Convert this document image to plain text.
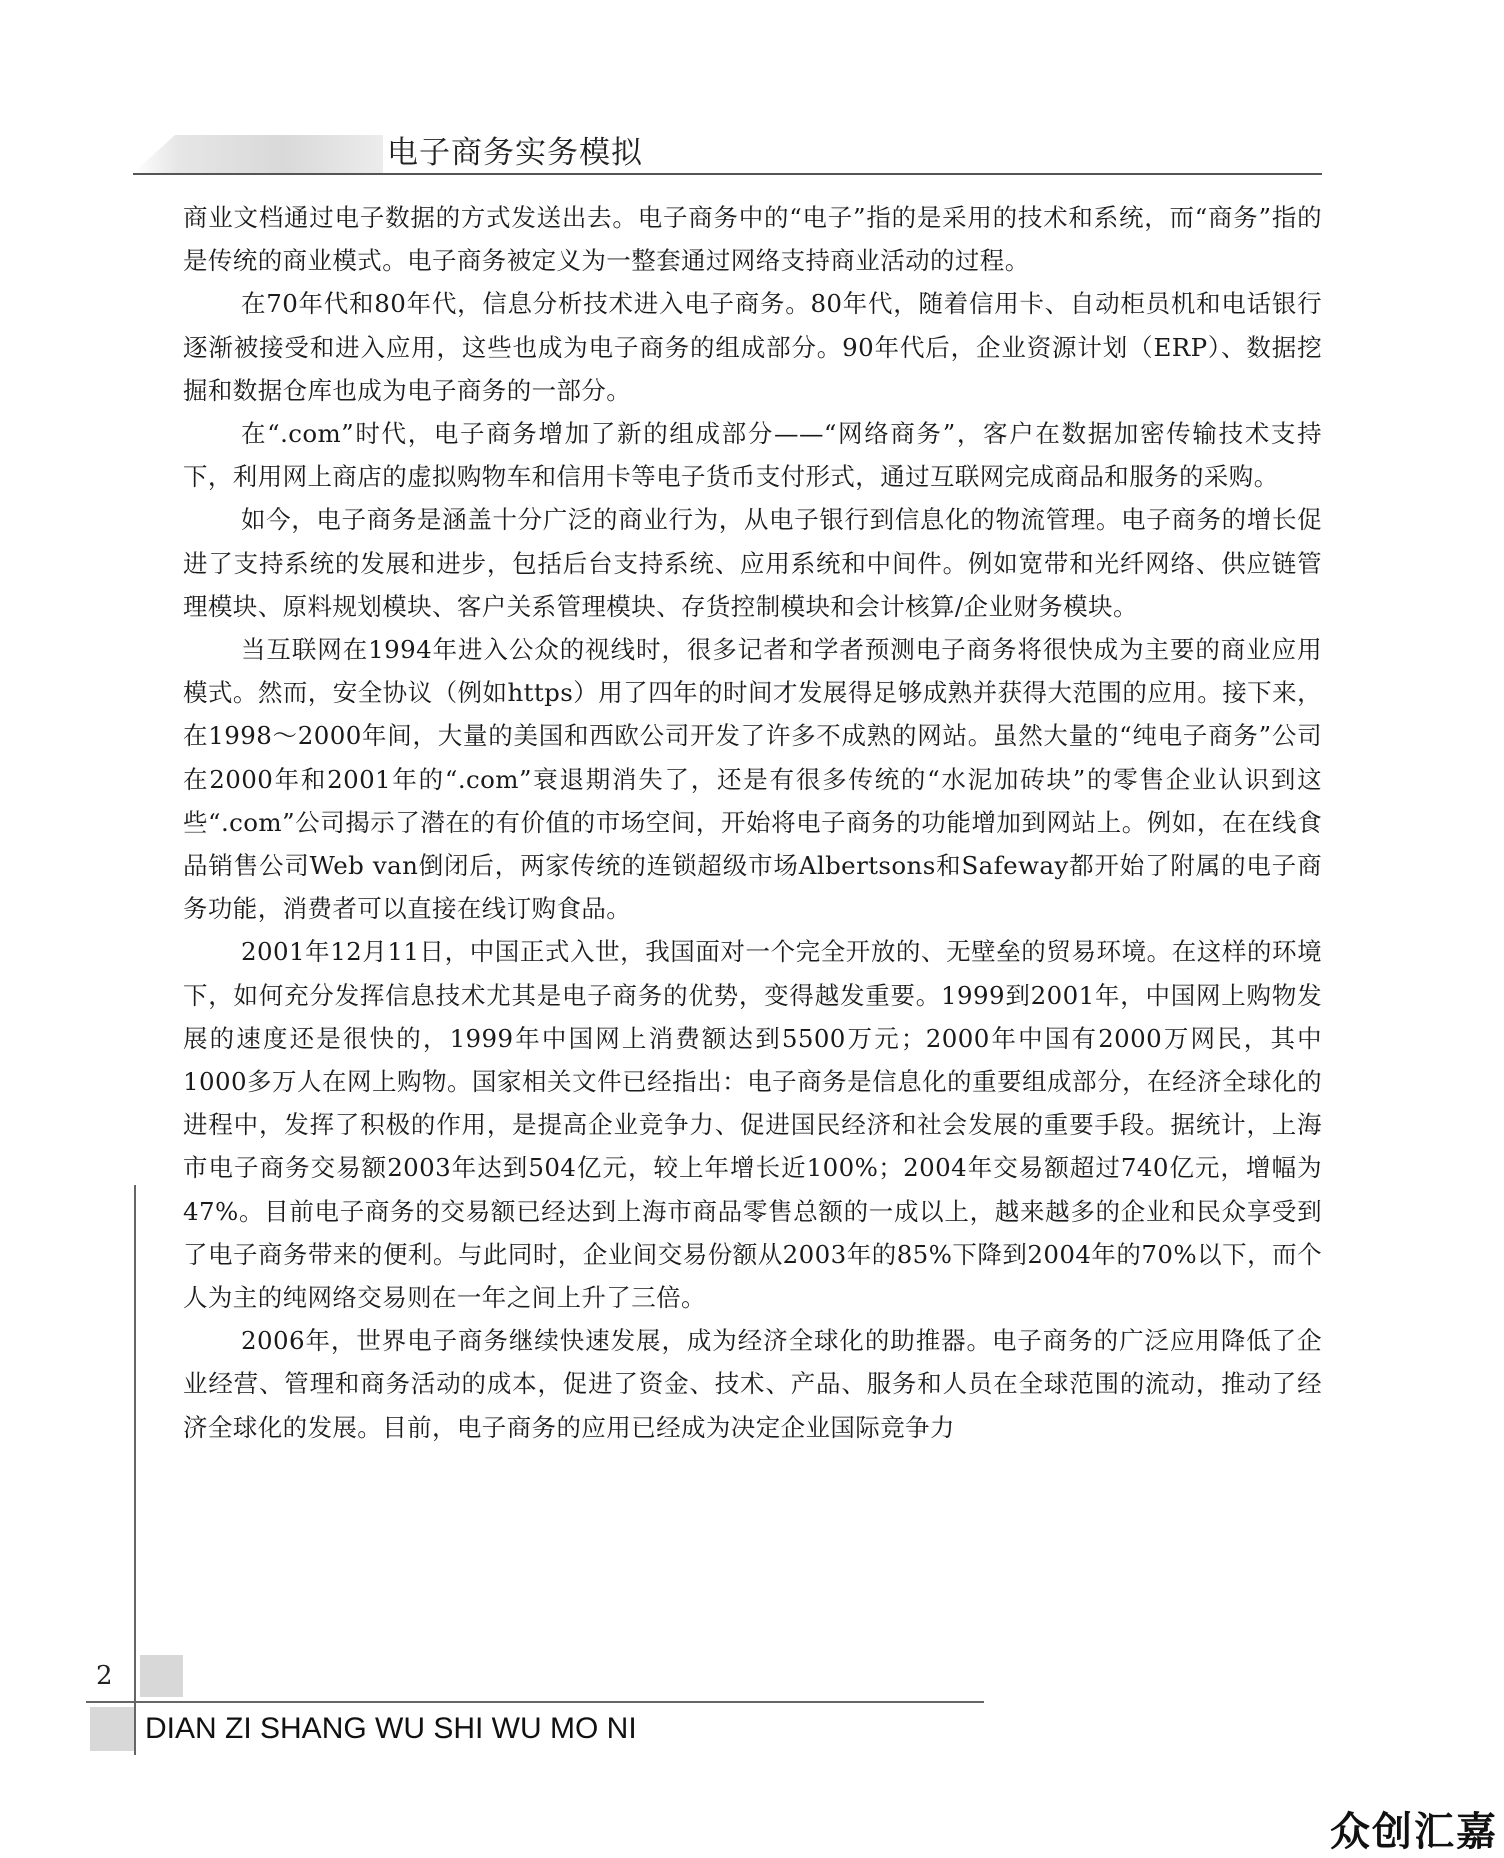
电子商务实务模拟

商业文档通过电子数据的方式发送出去。电子商务中的“电子”指的是采用的技术和系统，而“商务”指的是传统的商业模式。电子商务被定义为一整套通过网络支持商业活动的过程。

在70年代和80年代，信息分析技术进入电子商务。80年代，随着信用卡、自动柜员机和电话银行逐渐被接受和进入应用，这些也成为电子商务的组成部分。90年代后，企业资源计划（ERP）、数据挖掘和数据仓库也成为电子商务的一部分。

在“.com”时代，电子商务增加了新的组成部分——“网络商务”，客户在数据加密传输技术支持下，利用网上商店的虚拟购物车和信用卡等电子货币支付形式，通过互联网完成商品和服务的采购。

如今，电子商务是涵盖十分广泛的商业行为，从电子银行到信息化的物流管理。电子商务的增长促进了支持系统的发展和进步，包括后台支持系统、应用系统和中间件。例如宽带和光纤网络、供应链管理模块、原料规划模块、客户关系管理模块、存货控制模块和会计核算/企业财务模块。

当互联网在1994年进入公众的视线时，很多记者和学者预测电子商务将很快成为主要的商业应用模式。然而，安全协议（例如https）用了四年的时间才发展得足够成熟并获得大范围的应用。接下来，在1998～2000年间，大量的美国和西欧公司开发了许多不成熟的网站。虽然大量的“纯电子商务”公司在2000年和2001年的“.com”衰退期消失了，还是有很多传统的“水泥加砖块”的零售企业认识到这些“.com”公司揭示了潜在的有价值的市场空间，开始将电子商务的功能增加到网站上。例如，在在线食品销售公司Web van倒闭后，两家传统的连锁超级市场Albertsons和Safeway都开始了附属的电子商务功能，消费者可以直接在线订购食品。

2001年12月11日，中国正式入世，我国面对一个完全开放的、无壁垒的贸易环境。在这样的环境下，如何充分发挥信息技术尤其是电子商务的优势，变得越发重要。1999到2001年，中国网上购物发展的速度还是很快的，1999年中国网上消费额达到5500万元；2000年中国有2000万网民，其中1000多万人在网上购物。国家相关文件已经指出：电子商务是信息化的重要组成部分，在经济全球化的进程中，发挥了积极的作用，是提高企业竞争力、促进国民经济和社会发展的重要手段。据统计，上海市电子商务交易额2003年达到504亿元，较上年增长近100%；2004年交易额超过740亿元，增幅为47%。目前电子商务的交易额已经达到上海市商品零售总额的一成以上，越来越多的企业和民众享受到了电子商务带来的便利。与此同时，企业间交易份额从2003年的85%下降到2004年的70%以下，而个人为主的纯网络交易则在一年之间上升了三倍。

2006年，世界电子商务继续快速发展，成为经济全球化的助推器。电子商务的广泛应用降低了企业经营、管理和商务活动的成本，促进了资金、技术、产品、服务和人员在全球范围的流动，推动了经济全球化的发展。目前，电子商务的应用已经成为决定企业国际竞争力

2
DIAN ZI SHANG WU SHI WU MO NI
众创汇嘉
